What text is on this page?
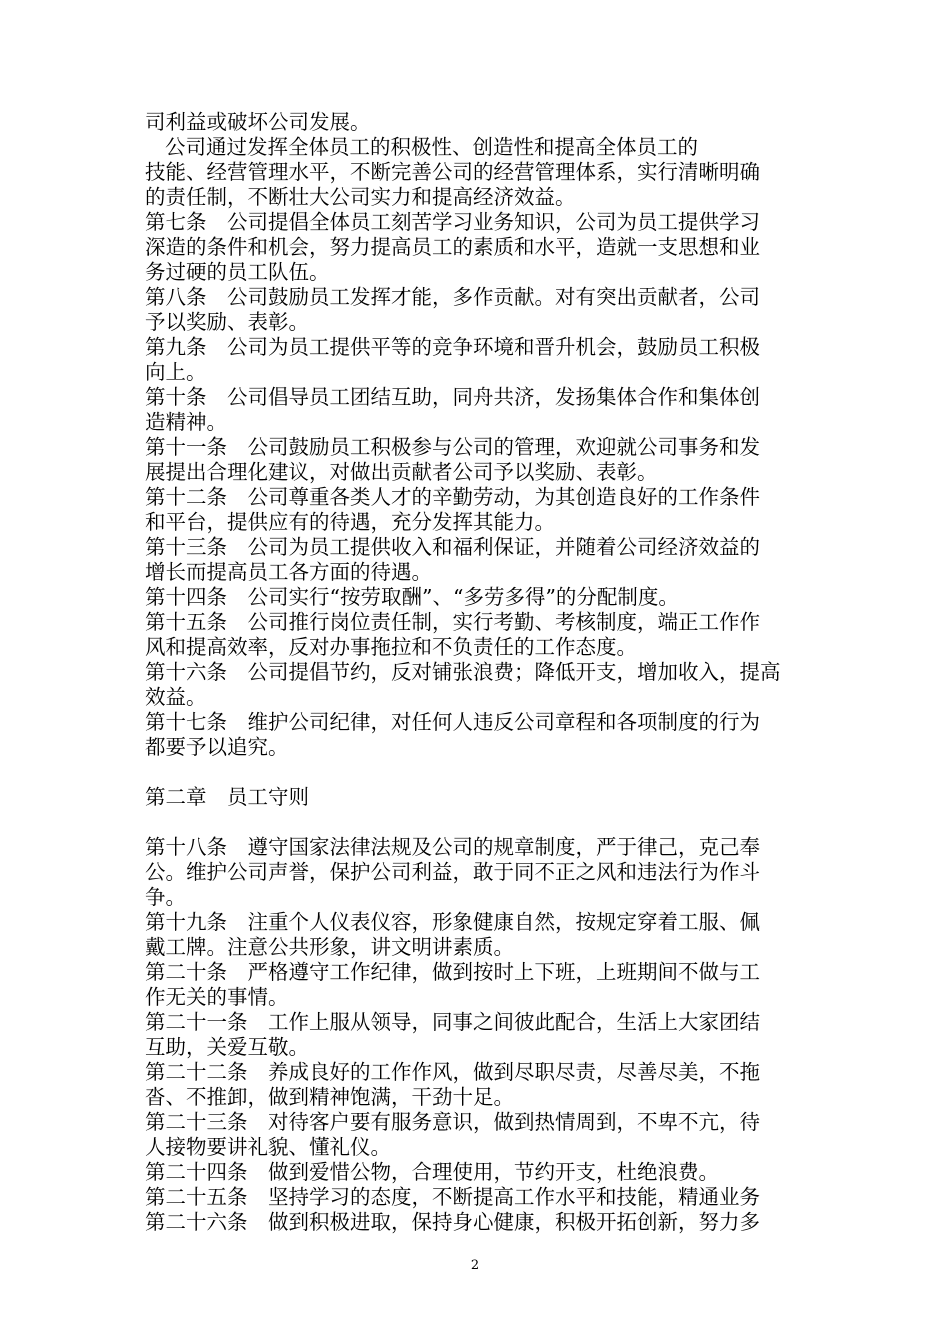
司利益或破坏公司发展。
公司通过发挥全体员工的积极性、创造性和提高全体员工的
技能、经营管理水平，不断完善公司的经营管理体系，实行清晰明确
的责任制，不断壮大公司实力和提高经济效益。
第七条　公司提倡全体员工刻苦学习业务知识，公司为员工提供学习
深造的条件和机会，努力提高员工的素质和水平，造就一支思想和业
务过硬的员工队伍。
第八条　公司鼓励员工发挥才能，多作贡献。对有突出贡献者，公司
予以奖励、表彰。
第九条　公司为员工提供平等的竞争环境和晋升机会，鼓励员工积极
向上。
第十条　公司倡导员工团结互助，同舟共济，发扬集体合作和集体创
造精神。
第十一条　公司鼓励员工积极参与公司的管理，欢迎就公司事务和发
展提出合理化建议，对做出贡献者公司予以奖励、表彰。
第十二条　公司尊重各类人才的辛勤劳动，为其创造良好的工作条件
和平台，提供应有的待遇，充分发挥其能力。
第十三条　公司为员工提供收入和福利保证，并随着公司经济效益的
增长而提高员工各方面的待遇。
第十四条　公司实行“按劳取酬”、“多劳多得”的分配制度。
第十五条　公司推行岗位责任制，实行考勤、考核制度，端正工作作
风和提高效率，反对办事拖拉和不负责任的工作态度。
第十六条　公司提倡节约，反对铺张浪费；降低开支，增加收入，提高
效益。
第十七条　维护公司纪律，对任何人违反公司章程和各项制度的行为
都要予以追究。
第二章　员工守则
第十八条　遵守国家法律法规及公司的规章制度，严于律己，克己奉
公。维护公司声誉，保护公司利益，敢于同不正之风和违法行为作斗
争。
第十九条　注重个人仪表仪容，形象健康自然，按规定穿着工服、佩
戴工牌。注意公共形象，讲文明讲素质。
第二十条　严格遵守工作纪律，做到按时上下班，上班期间不做与工
作无关的事情。
第二十一条　工作上服从领导，同事之间彼此配合，生活上大家团结
互助，关爱互敬。
第二十二条　养成良好的工作作风，做到尽职尽责，尽善尽美，不拖
沓、不推卸，做到精神饱满，干劲十足。
第二十三条　对待客户要有服务意识，做到热情周到，不卑不亢，待
人接物要讲礼貌、懂礼仪。
第二十四条　做到爱惜公物，合理使用，节约开支，杜绝浪费。
第二十五条　坚持学习的态度，不断提高工作水平和技能，精通业务
第二十六条　做到积极进取，保持身心健康，积极开拓创新，努力多
2
